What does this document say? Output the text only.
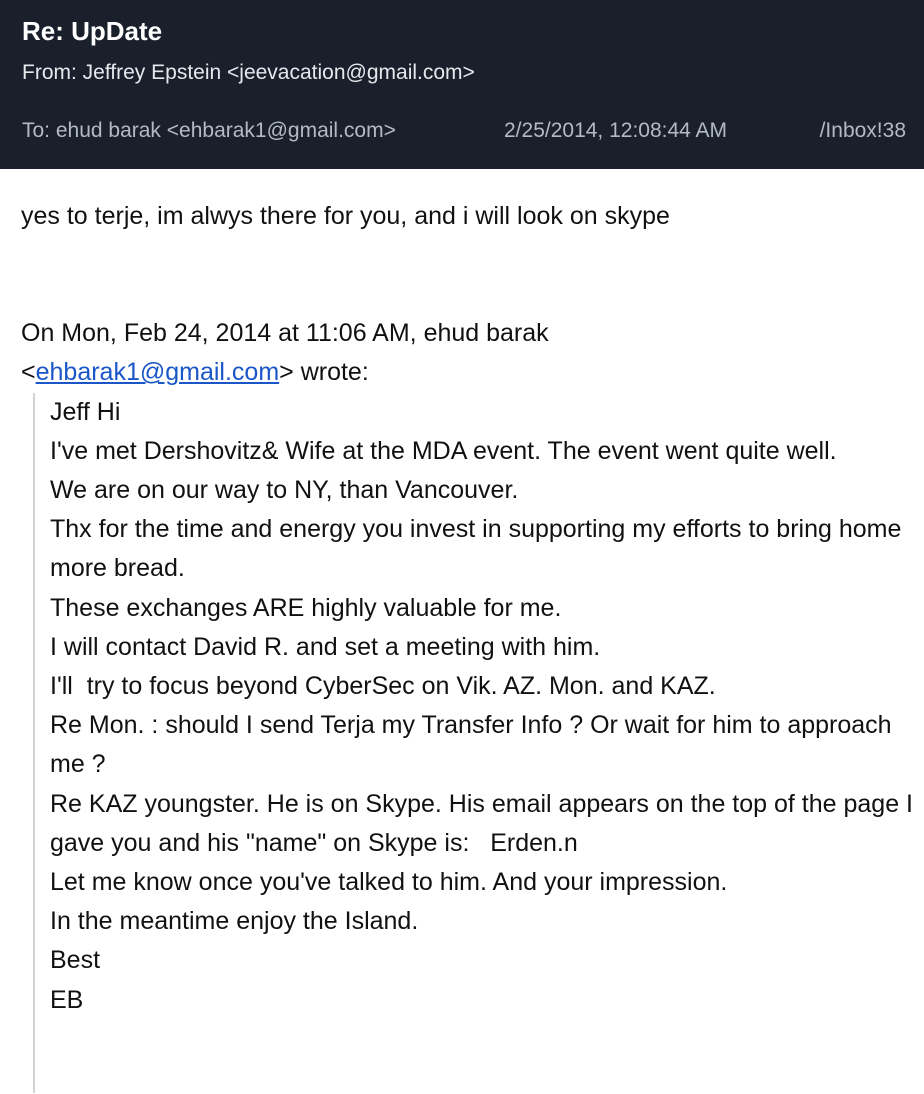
Re: UpDate
From: Jeffrey Epstein <jeevacation@gmail.com>
To: ehud barak <ehbarak1@gmail.com>	2/25/2014, 12:08:44 AM	/Inbox!38

yes to terje, im alwys there for you, and i will look on skype

On Mon, Feb 24, 2014 at 11:06 AM, ehud barak
<ehbarak1@gmail.com> wrote:

Jeff Hi

I've met Dershovitz& Wife at the MDA event. The event went quite well.

We are on our way to NY, than Vancouver.

Thx for the time and energy you invest in supporting my efforts to bring home more bread.

These exchanges ARE highly valuable for me.

I will contact David R. and set a meeting with him.

I'll  try to focus beyond CyberSec on Vik. AZ. Mon. and KAZ.

Re Mon. : should I send Terja my Transfer Info ? Or wait for him to approach me ?

Re KAZ youngster. He is on Skype. His email appears on the top of the page I gave you and his "name" on Skype is:   Erden.n

Let me know once you've talked to him. And your impression.

In the meantime enjoy the Island.

Best

EB
